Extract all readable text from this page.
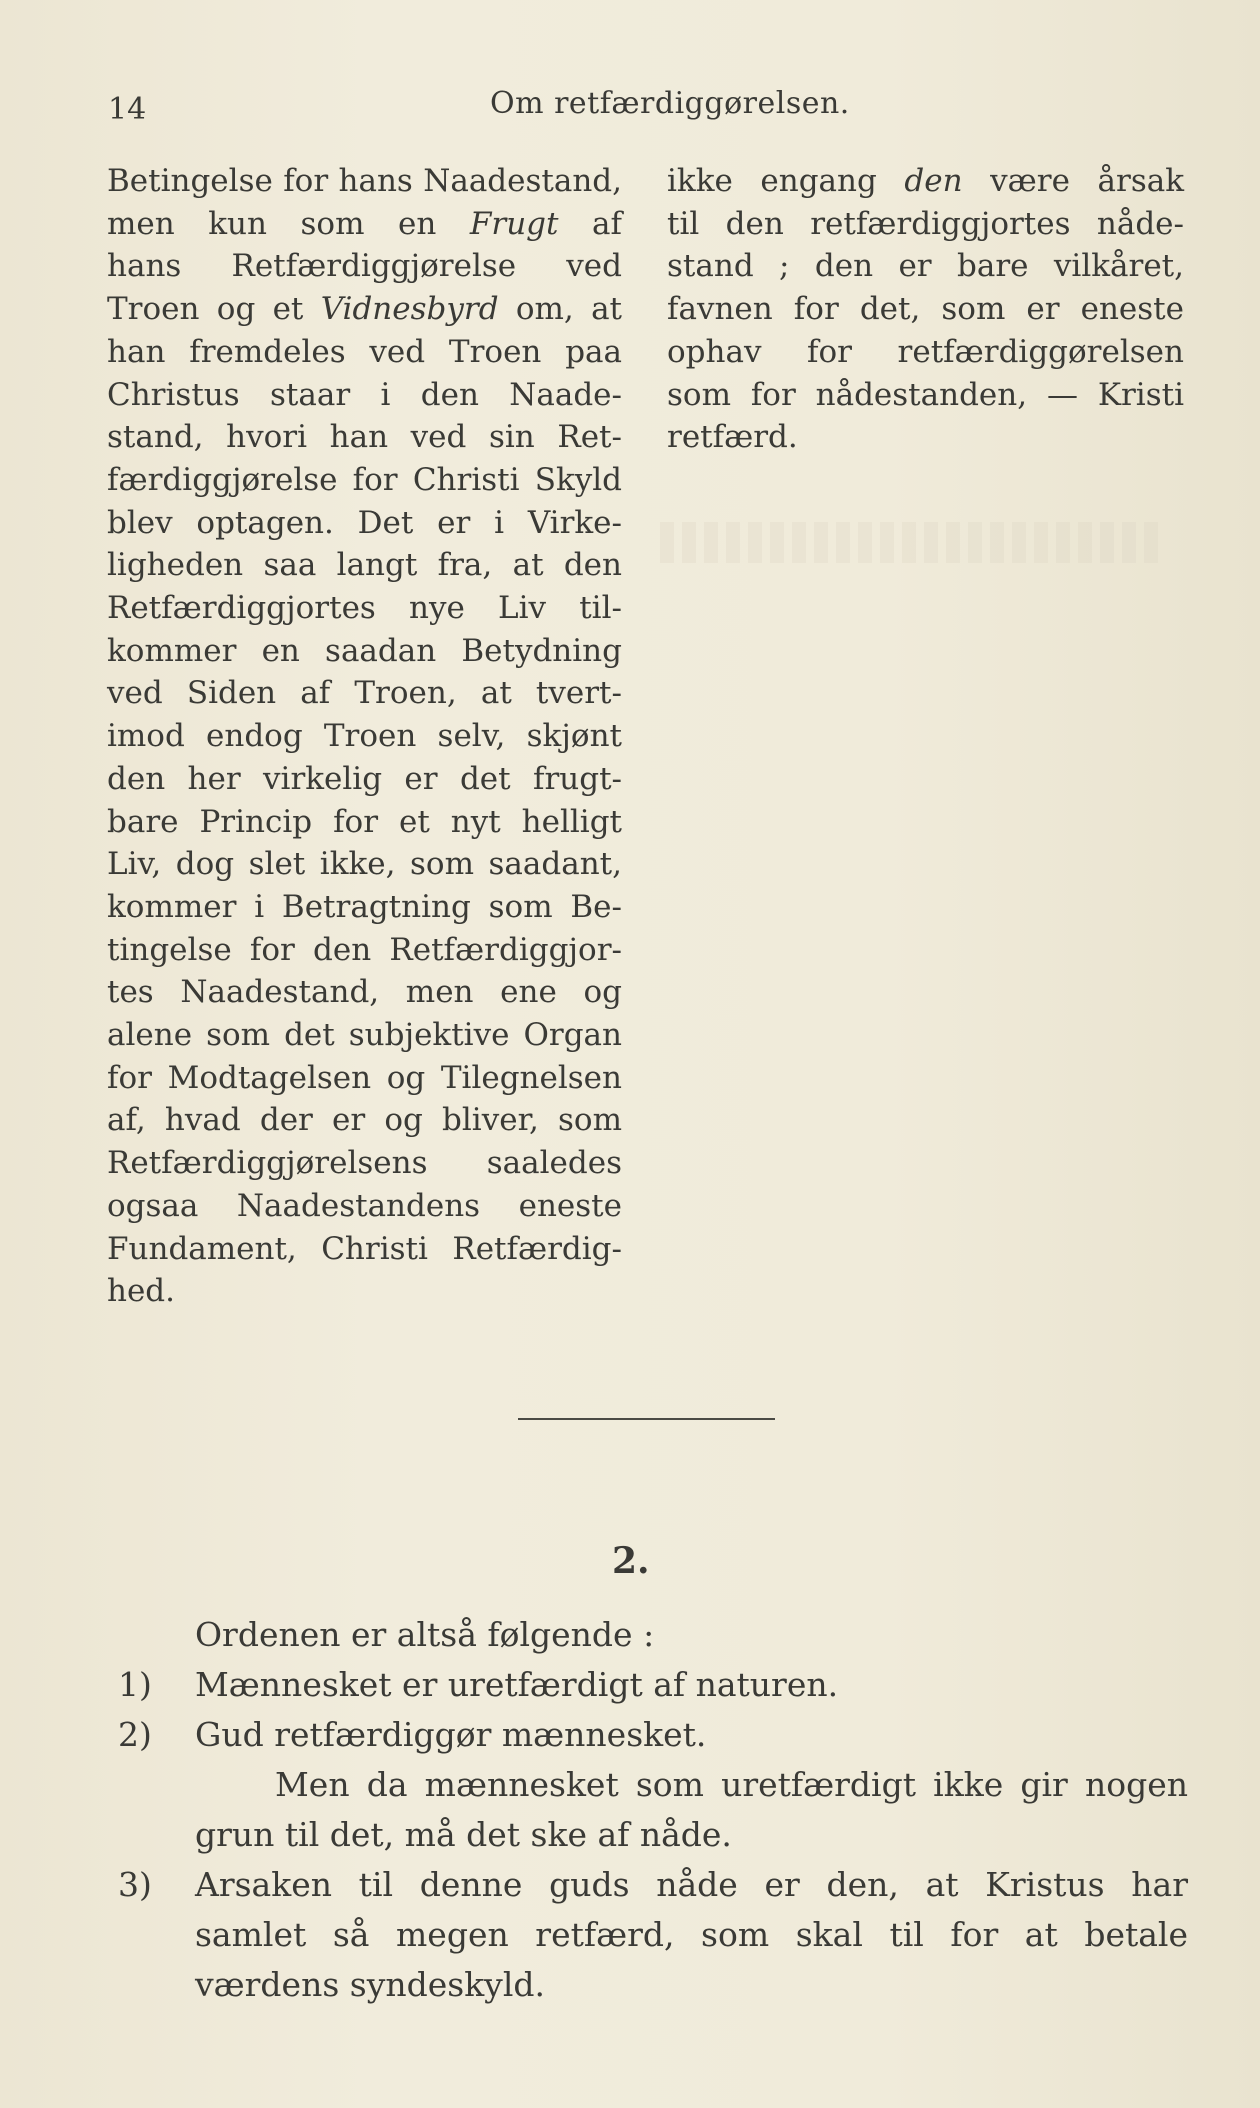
14	Om retfærdiggørelsen.
Betingelse for hans Naadestand,
men kun som en Frugt af
hans Retfærdiggjørelse ved
Troen og et Vidnesbyrd om, at
han fremdeles ved Troen paa
Christus staar i den Naade-
stand, hvori han ved sin Ret-
færdiggjørelse for Christi Skyld
blev optagen. Det er i Virke-
ligheden saa langt fra, at den
Retfærdiggjortes nye Liv til-
kommer en saadan Betydning
ved Siden af Troen, at tvert-
imod endog Troen selv, skjønt
den her virkelig er det frugt-
bare Princip for et nyt helligt
Liv, dog slet ikke, som saadant,
kommer i Betragtning som Be-
tingelse for den Retfærdiggjor-
tes Naadestand, men ene og
alene som det subjektive Organ
for Modtagelsen og Tilegnelsen
af, hvad der er og bliver, som
Retfærdiggjørelsens saaledes
ogsaa Naadestandens eneste
Fundament, Christi Retfærdig-
hed.
ikke engang den være årsak
til den retfærdiggjortes nåde-
stand ; den er bare vilkåret,
favnen for det, som er eneste
ophav for retfærdiggørelsen
som for nådestanden, — Kristi
retfærd.
2.
Ordenen er altså følgende :
1) Mænnesket er uretfærdigt af naturen.
2) Gud retfærdiggør mænnesket.
Men da mænnesket som uretfærdigt ikke gir nogen
grun til det, må det ske af nåde.
3) Arsaken til denne guds nåde er den, at Kristus har
samlet så megen retfærd, som skal til for at betale
værdens syndeskyld.
